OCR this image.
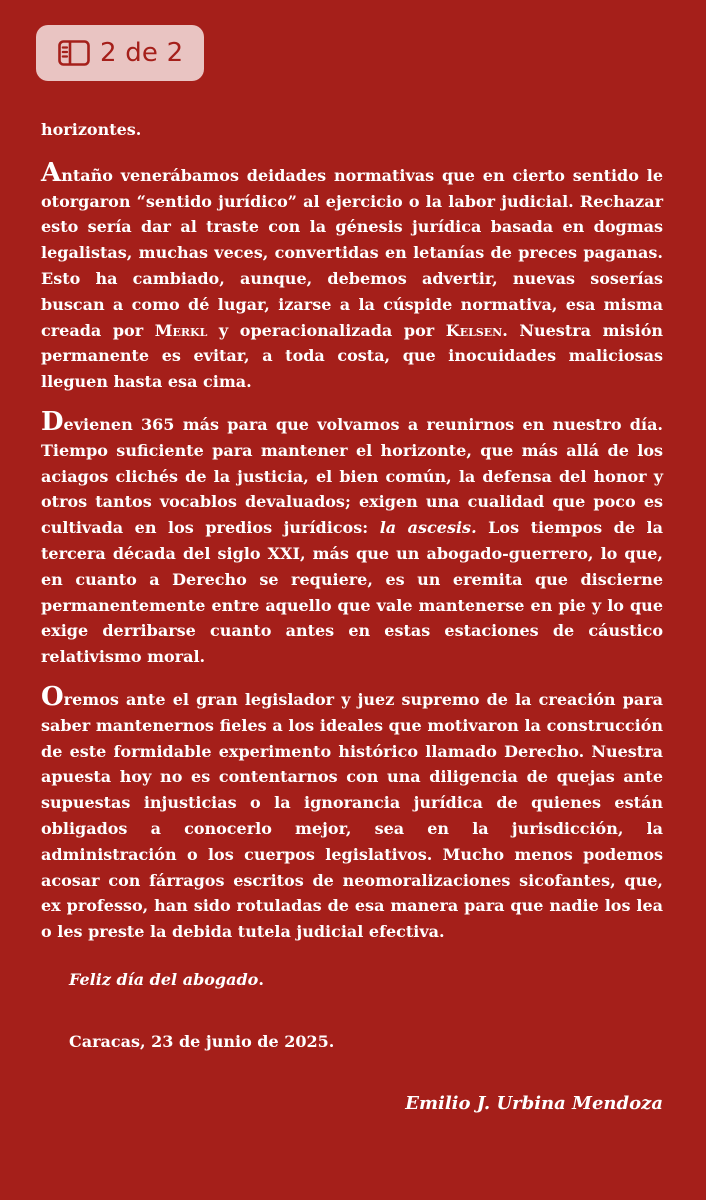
2 de 2

horizontes.

Antaño venerábamos deidades normativas que en cierto sentido le otorgaron “sentido jurídico” al ejercicio o la labor judicial. Rechazar esto sería dar al traste con la génesis jurídica basada en dogmas legalistas, muchas veces, convertidas en letanías de preces paganas. Esto ha cambiado, aunque, debemos advertir, nuevas soserías buscan a como dé lugar, izarse a la cúspide normativa, esa misma creada por Merkl y operacionalizada por Kelsen. Nuestra misión permanente es evitar, a toda costa, que inocuidades maliciosas lleguen hasta esa cima.

Devienen 365 más para que volvamos a reunirnos en nuestro día. Tiempo suficiente para mantener el horizonte, que más allá de los aciagos clichés de la justicia, el bien común, la defensa del honor y otros tantos vocablos devaluados; exigen una cualidad que poco es cultivada en los predios jurídicos: la ascesis. Los tiempos de la tercera década del siglo XXI, más que un abogado-guerrero, lo que, en cuanto a Derecho se requiere, es un eremita que discierne permanentemente entre aquello que vale mantenerse en pie y lo que exige derribarse cuanto antes en estas estaciones de cáustico relativismo moral.

Oremos ante el gran legislador y juez supremo de la creación para saber mantenernos fieles a los ideales que motivaron la construcción de este formidable experimento histórico llamado Derecho. Nuestra apuesta hoy no es contentarnos con una diligencia de quejas ante supuestas injusticias o la ignorancia jurídica de quienes están obligados a conocerlo mejor, sea en la jurisdicción, la administración o los cuerpos legislativos. Mucho menos podemos acosar con fárragos escritos de neomoralizaciones sicofantes, que, ex professo, han sido rotuladas de esa manera para que nadie los lea o les preste la debida tutela judicial efectiva.

Feliz día del abogado.

Caracas, 23 de junio de 2025.

Emilio J. Urbina Mendoza
